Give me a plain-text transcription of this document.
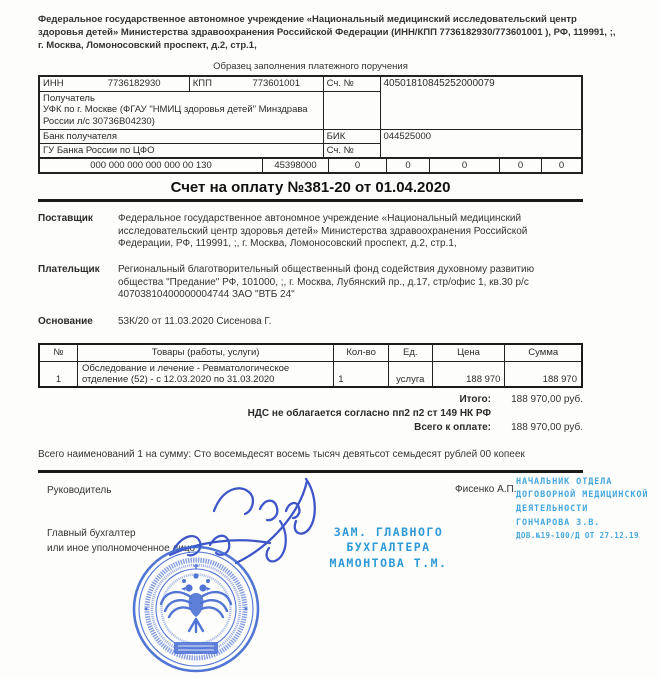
Федеральное государственное автономное учреждение «Национальный медицинский исследовательский центр здоровья детей» Министерства здравоохранения Российской Федерации (ИНН/КПП 7736182930/773601001 ), РФ, 119991, ;, г. Москва, Ломоносовский проспект, д.2, стр.1,
Образец заполнения платежного поручения
ИНН	7736182930	КПП	773601001	Сч. №	40501810845252000079

Получатель
УФК по г. Москве (ФГАУ "НМИЦ здоровья детей" Минздрава России л/с 30736В04230)					

Банк получателя				БИК	044525000
ГУ Банка России по ЦФО				Сч. №	

000 000 000 000 000 00 130	45398000	0	0	0	0	0
Счет на оплату №381-20 от 01.04.2020
Поставщик	Федеральное государственное автономное учреждение «Национальный медицинский исследовательский центр здоровья детей» Министерства здравоохранения Российской Федерации, РФ, 119991, ;, г. Москва, Ломоносовский проспект, д.2, стр.1,
Плательщик	Региональный благотворительный общественный фонд содействия духовному развитию общества "Предание" РФ, 101000, ;, г. Москва, Лубянский пр., д.17, стр/офис 1, кв.30 р/с 40703810400000004744 ЗАО "ВТБ 24"
Основание	53К/20 от 11.03.2020 Сисенова Г.
№	Товары (работы, услуги)	Кол-во	Ед.	Цена	Сумма
1	Обследование и лечение - Ревматологическое отделение (52) - с 12.03.2020 по 31.03.2020	1	услуга	188 970	188 970
Итого:	188 970,00 руб.
НДС не облагается согласно пп2 п2 ст 149 НК РФ
Всего к оплате:	188 970,00 руб.
Всего наименований 1 на сумму: Сто восемьдесят восемь тысяч девятьсот семьдесят рублей 00 копеек
Руководитель	Фисенко А.П.
НАЧАЛЬНИК ОТДЕЛА
ДОГОВОРНОЙ МЕДИЦИНСКОЙ
ДЕЯТЕЛЬНОСТИ
ГОНЧАРОВА З.В.
ДОВ.№19-100/Д ОТ 27.12.19
Главный бухгалтер
или иное уполномоченное лицо
ЗАМ. ГЛАВНОГО
БУХГАЛТЕРА
МАМОНТОВА Т.М.
